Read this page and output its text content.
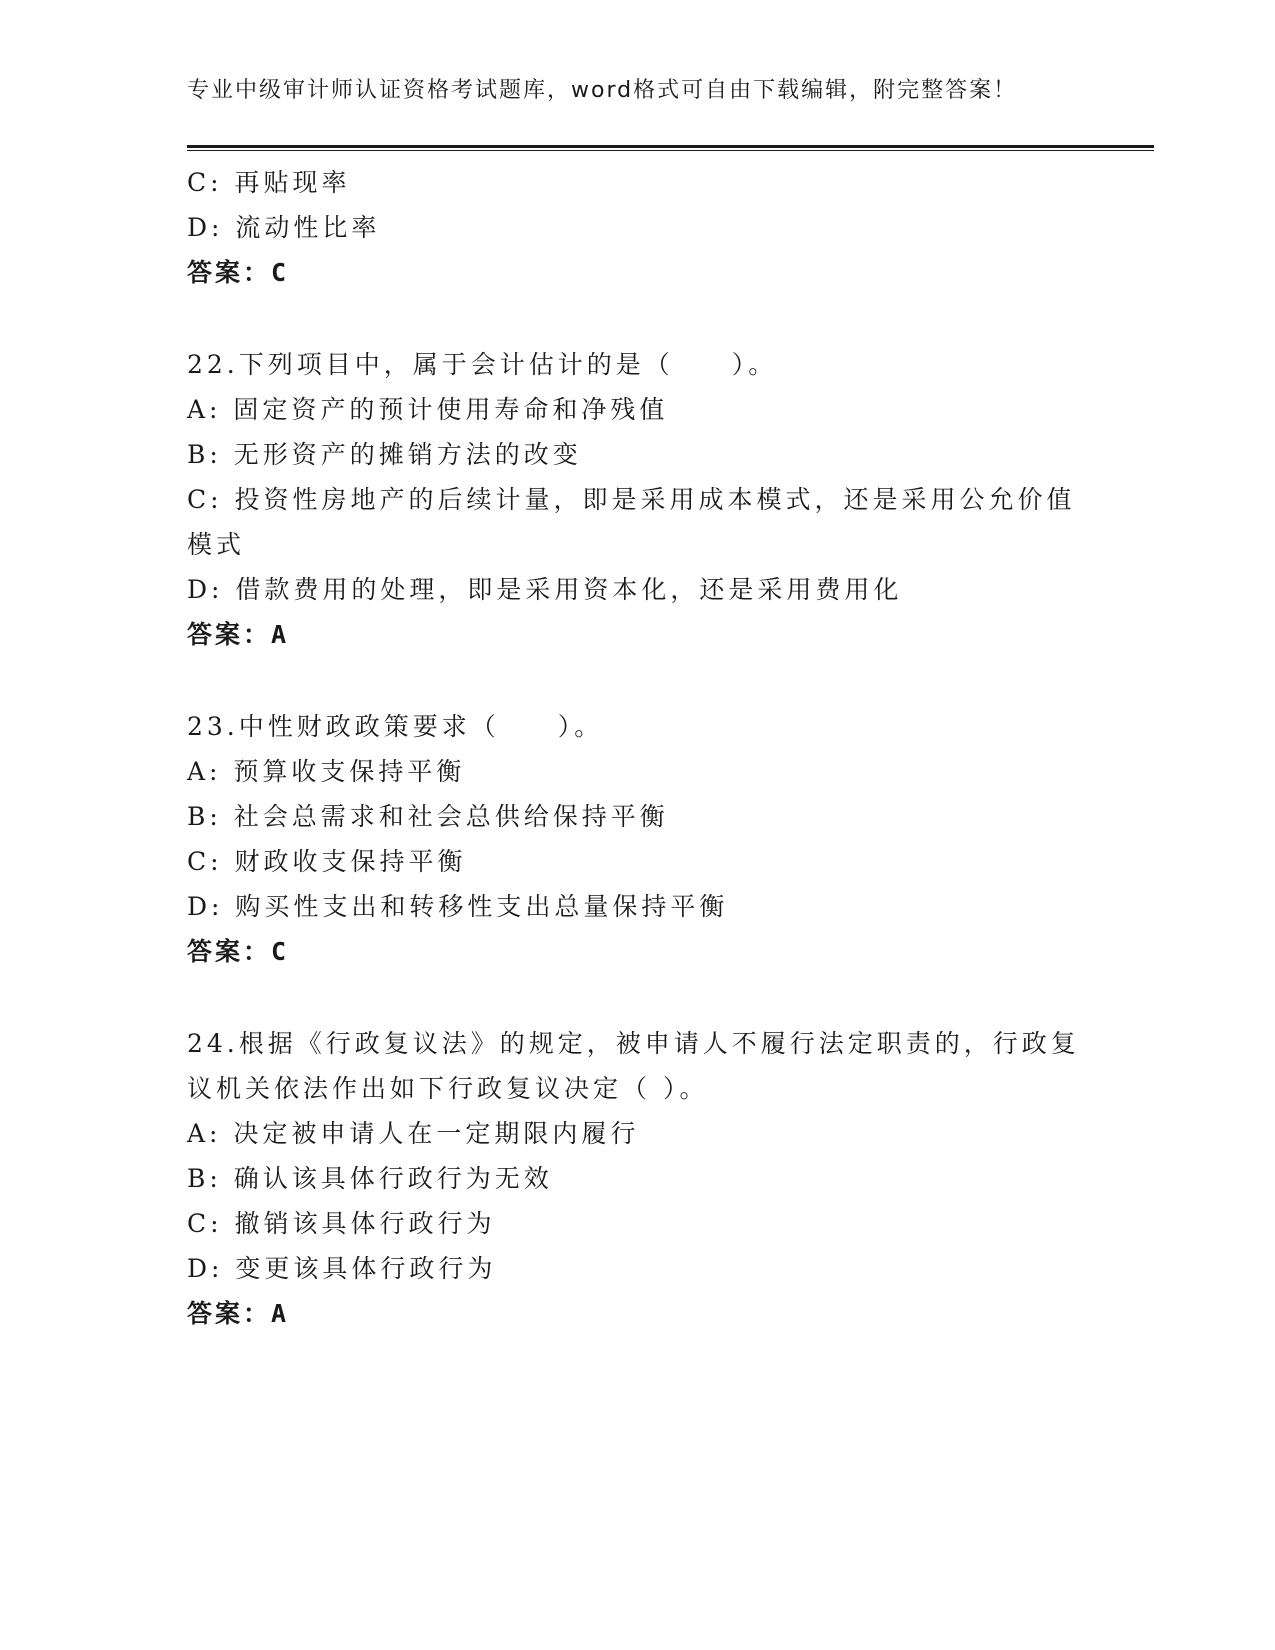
专业中级审计师认证资格考试题库，word格式可自由下载编辑，附完整答案！
C: 再贴现率
D: 流动性比率
答案：C
22.下列项目中，属于会计估计的是（　　）。
A: 固定资产的预计使用寿命和净残值
B: 无形资产的摊销方法的改变
C: 投资性房地产的后续计量，即是采用成本模式，还是采用公允价值模式
D: 借款费用的处理，即是采用资本化，还是采用费用化
答案：A
23.中性财政政策要求（　　）。
A: 预算收支保持平衡
B: 社会总需求和社会总供给保持平衡
C: 财政收支保持平衡
D: 购买性支出和转移性支出总量保持平衡
答案：C
24.根据《行政复议法》的规定，被申请人不履行法定职责的，行政复议机关依法作出如下行政复议决定（ ）。
A: 决定被申请人在一定期限内履行
B: 确认该具体行政行为无效
C: 撤销该具体行政行为
D: 变更该具体行政行为
答案：A
